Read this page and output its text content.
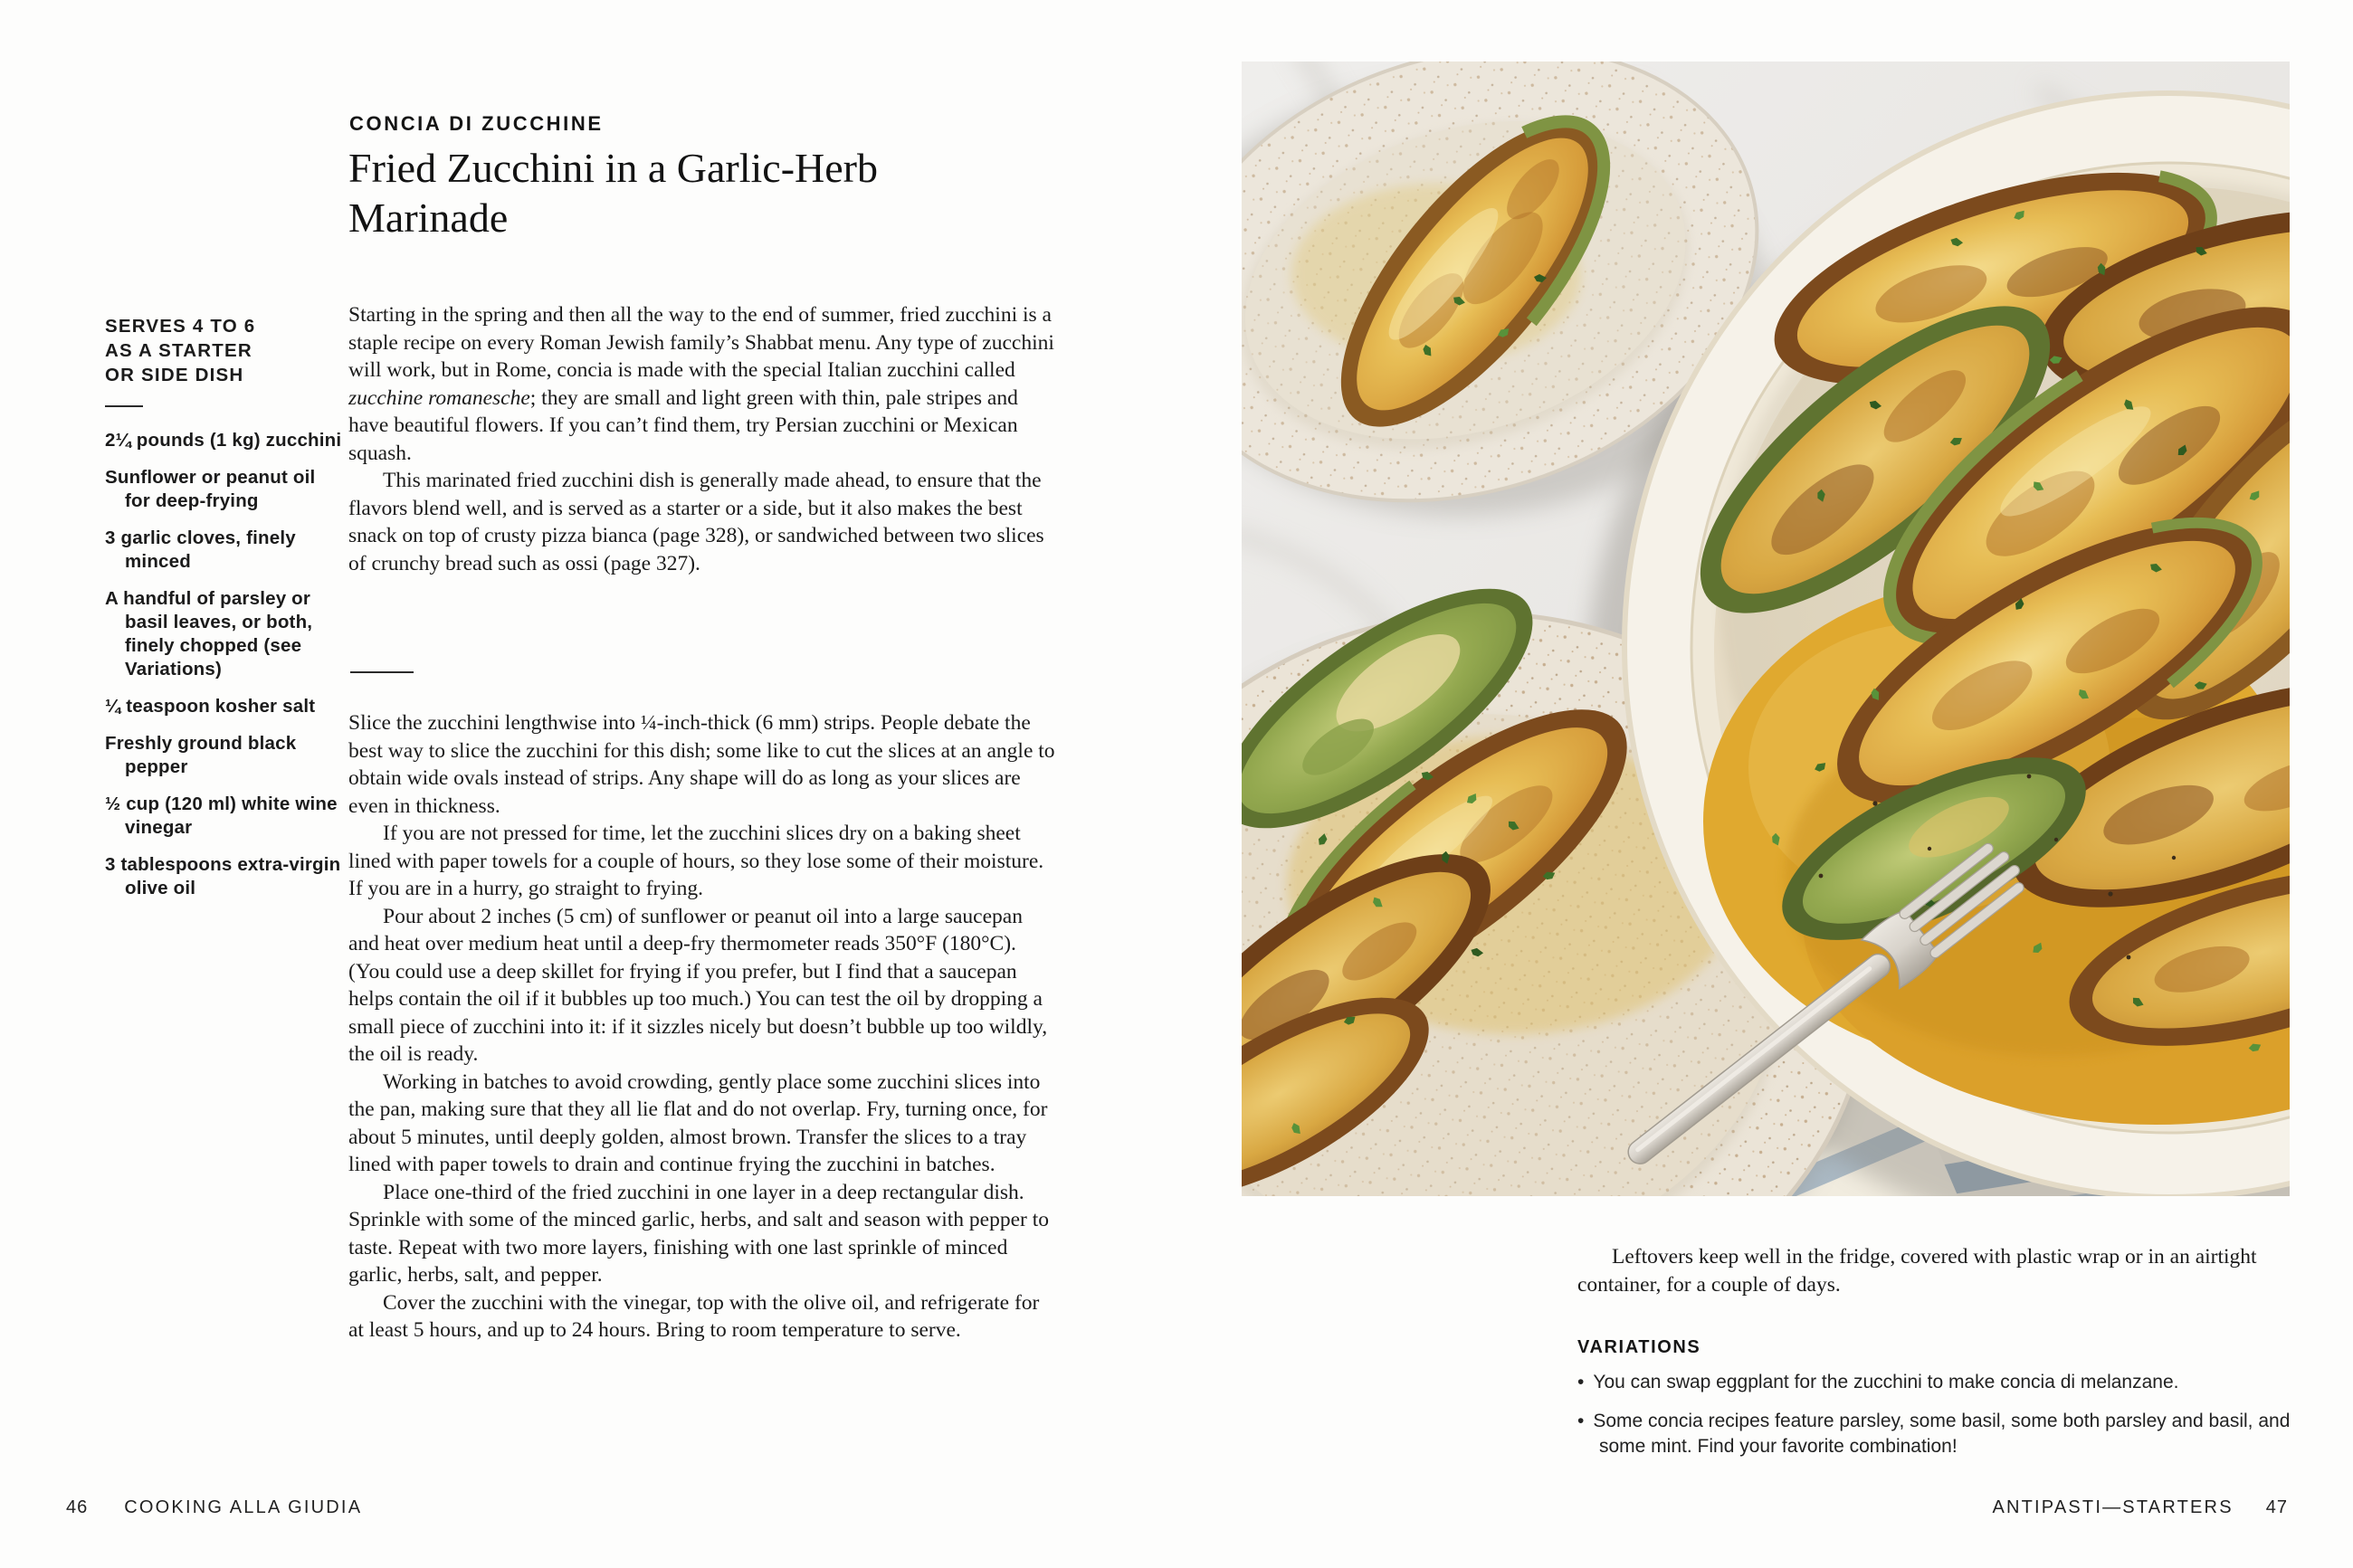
CONCIA DI ZUCCHINE
Fried Zucchini in a Garlic-Herb Marinade
SERVES 4 TO 6
AS A STARTER
OR SIDE DISH
2¼ pounds (1 kg) zucchini
Sunflower or peanut oil for deep-frying
3 garlic cloves, finely minced
A handful of parsley or basil leaves, or both, finely chopped (see Variations)
¼ teaspoon kosher salt
Freshly ground black pepper
½ cup (120 ml) white wine vinegar
3 tablespoons extra-virgin olive oil

Starting in the spring and then all the way to the end of summer, fried zucchini is a staple recipe on every Roman Jewish family’s Shabbat menu. Any type of zucchini will work, but in Rome, concia is made with the special Italian zucchini called zucchine romanesche; they are small and light green with thin, pale stripes and have beautiful flowers. If you can’t find them, try Persian zucchini or Mexican squash.

This marinated fried zucchini dish is generally made ahead, to ensure that the flavors blend well, and is served as a starter or a side, but it also makes the best snack on top of crusty pizza bianca (page 328), or sandwiched between two slices of crunchy bread such as ossi (page 327).

Slice the zucchini lengthwise into ¼-inch-thick (6 mm) strips. People debate the best way to slice the zucchini for this dish; some like to cut the slices at an angle to obtain wide ovals instead of strips. Any shape will do as long as your slices are even in thickness.

If you are not pressed for time, let the zucchini slices dry on a baking sheet lined with paper towels for a couple of hours, so they lose some of their moisture. If you are in a hurry, go straight to frying.

Pour about 2 inches (5 cm) of sunflower or peanut oil into a large saucepan and heat over medium heat until a deep-fry thermometer reads 350°F (180°C). (You could use a deep skillet for frying if you prefer, but I find that a saucepan helps contain the oil if it bubbles up too much.) You can test the oil by dropping a small piece of zucchini into it: if it sizzles nicely but doesn’t bubble up too wildly, the oil is ready.

Working in batches to avoid crowding, gently place some zucchini slices into the pan, making sure that they all lie flat and do not overlap. Fry, turning once, for about 5 minutes, until deeply golden, almost brown. Transfer the slices to a tray lined with paper towels to drain and continue frying the zucchini in batches.

Place one-third of the fried zucchini in one layer in a deep rectangular dish. Sprinkle with some of the minced garlic, herbs, and salt and season with pepper to taste. Repeat with two more layers, finishing with one last sprinkle of minced garlic, herbs, salt, and pepper.

Cover the zucchini with the vinegar, top with the olive oil, and refrigerate for at least 5 hours, and up to 24 hours. Bring to room temperature to serve.

46 COOKING ALLA GIUDIA

Leftovers keep well in the fridge, covered with plastic wrap or in an airtight container, for a couple of days.

VARIATIONS
• You can swap eggplant for the zucchini to make concia di melanzane.
• Some concia recipes feature parsley, some basil, some both parsley and basil, and some mint. Find your favorite combination!
ANTIPASTI—STARTERS 47
